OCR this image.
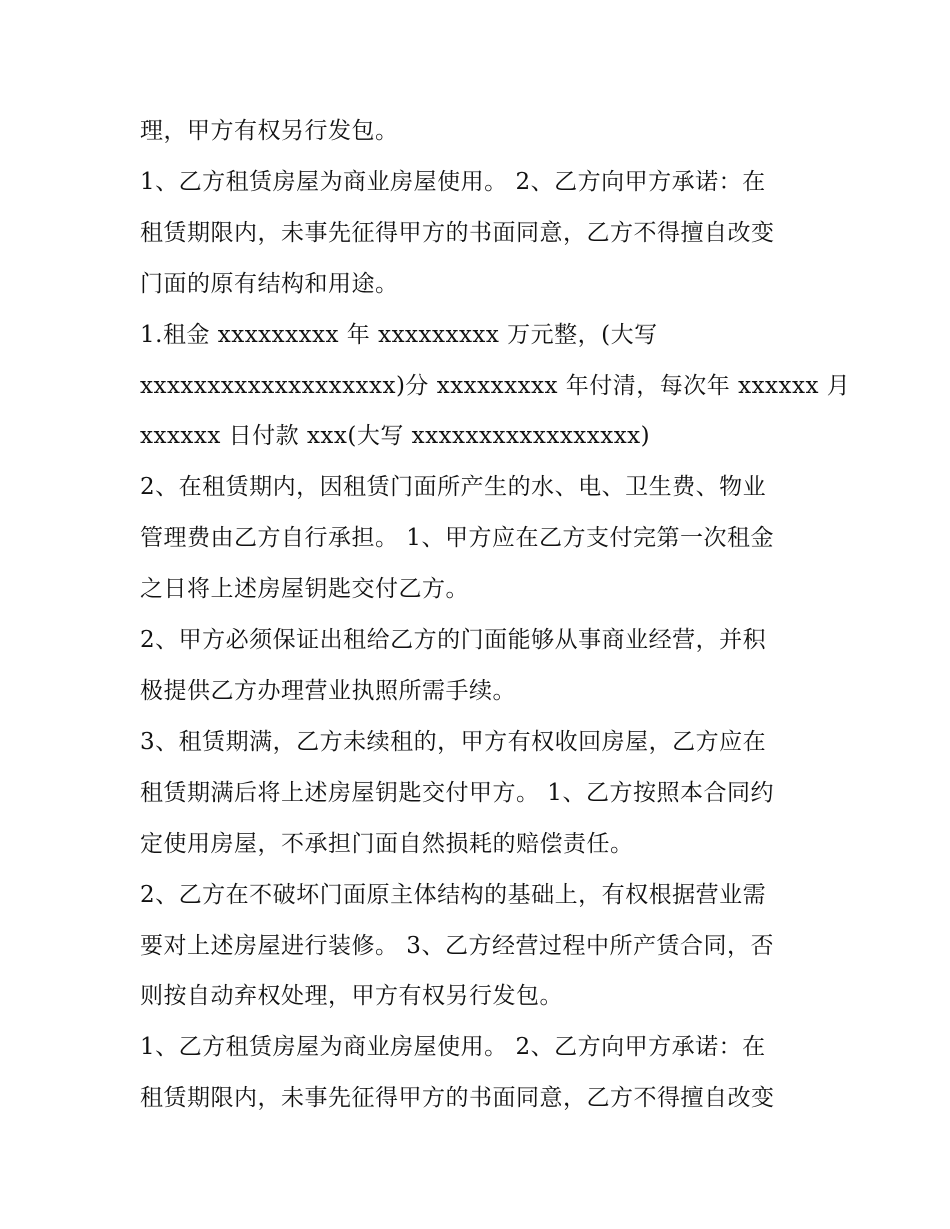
理，甲方有权另行发包。
1、乙方租赁房屋为商业房屋使用。 2、乙方向甲方承诺：在
租赁期限内，未事先征得甲方的书面同意，乙方不得擅自改变
门面的原有结构和用途。
1.租金 xxxxxxxxx 年 xxxxxxxxx 万元整，(大写
xxxxxxxxxxxxxxxxxxx)分 xxxxxxxxx 年付清，每次年 xxxxxx 月
xxxxxx 日付款 xxx(大写 xxxxxxxxxxxxxxxxx)
2、在租赁期内，因租赁门面所产生的水、电、卫生费、物业
管理费由乙方自行承担。 1、甲方应在乙方支付完第一次租金
之日将上述房屋钥匙交付乙方。
2、甲方必须保证出租给乙方的门面能够从事商业经营，并积
极提供乙方办理营业执照所需手续。
3、租赁期满，乙方未续租的，甲方有权收回房屋，乙方应在
租赁期满后将上述房屋钥匙交付甲方。 1、乙方按照本合同约
定使用房屋，不承担门面自然损耗的赔偿责任。
2、乙方在不破坏门面原主体结构的基础上，有权根据营业需
要对上述房屋进行装修。 3、乙方经营过程中所产赁合同，否
则按自动弃权处理，甲方有权另行发包。
1、乙方租赁房屋为商业房屋使用。 2、乙方向甲方承诺：在
租赁期限内，未事先征得甲方的书面同意，乙方不得擅自改变
